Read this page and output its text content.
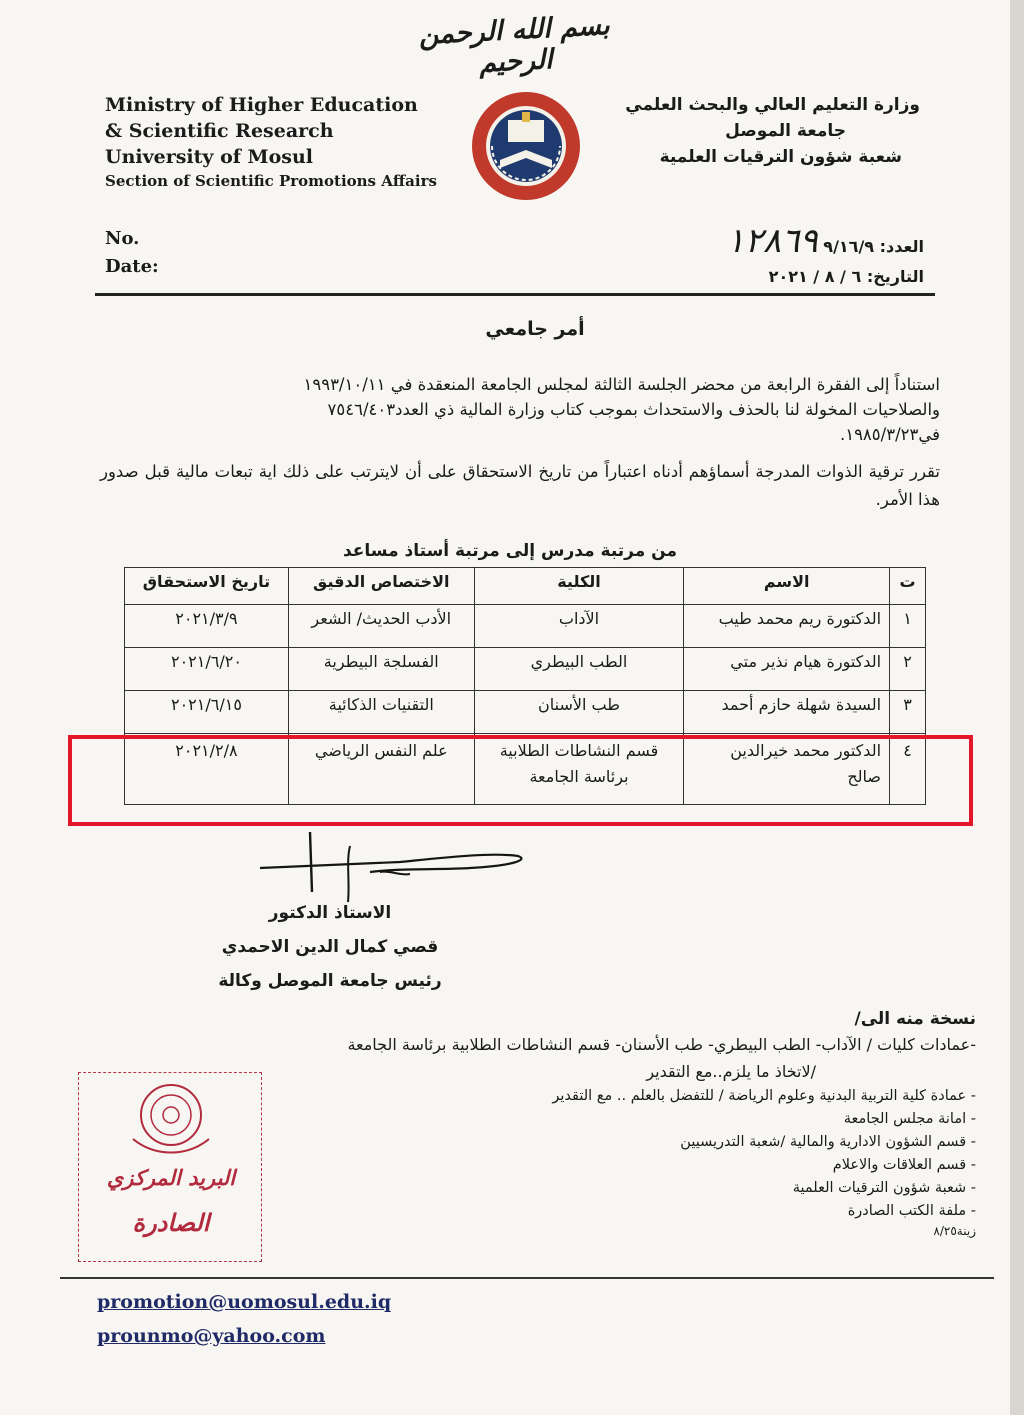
بسم الله الرحمن الرحيم
Ministry of Higher Education
& Scientific Research
University of Mosul
Section of Scientific Promotions Affairs
وزارة التعليم العالي والبحث العلمي
جامعة الموصل
شعبة شؤون الترقيات العلمية
No.
Date:
العدد: ٩/١٦/٩ ١٢٨٦٩
التاريخ: ٦ / ٨ / ٢٠٢١
أمر جامعي

استناداً إلى الفقرة الرابعة من محضر الجلسة الثالثة لمجلس الجامعة المنعقدة في ١٩٩٣/١٠/١١

والصلاحيات المخولة لنا بالحذف والاستحداث بموجب كتاب وزارة المالية ذي العدد٧٥٤٦/٤٠٣

في١٩٨٥/٣/٢٣.

تقرر ترقية الذوات المدرجة أسماؤهم أدناه اعتباراً من تاريخ الاستحقاق على أن لايترتب على ذلك اية تبعات مالية قبل صدور هذا الأمر.
من مرتبة مدرس إلى مرتبة أستاذ مساعد
ت	الاسم	الكلية	الاختصاص الدقيق	تاريخ الاستحقاق
١	الدكتورة ريم محمد طيب	الآداب	الأدب الحديث/ الشعر	٢٠٢١/٣/٩
٢	الدكتورة هيام نذير متي	الطب البيطري	الفسلجة البيطرية	٢٠٢١/٦/٢٠
٣	السيدة شهلة حازم أحمد	طب الأسنان	التقنيات الذكائية	٢٠٢١/٦/١٥
٤	الدكتور محمد خيرالدين صالح	قسم النشاطات الطلابية برئاسة الجامعة	علم النفس الرياضي	٢٠٢١/٢/٨
الاستاذ الدكتور
قصي كمال الدين الاحمدي
رئيس جامعة الموصل وكالة
نسخة منه الى/
-عمادات كليات / الآداب- الطب البيطري- طب الأسنان- قسم النشاطات الطلابية برئاسة الجامعة
/لاتخاذ ما يلزم..مع التقدير
- عمادة كلية التربية البدنية وعلوم الرياضة / للتفضل بالعلم .. مع التقدير
- امانة مجلس الجامعة
- قسم الشؤون الادارية والمالية /شعبة التدريسيين
- قسم العلاقات والاعلام
- شعبة شؤون الترقيات العلمية
- ملفة الكتب الصادرة
زينة٨/٢٥
البريد المركزي
الصادرة
promotion@uomosul.edu.iq
prounmo@yahoo.com
